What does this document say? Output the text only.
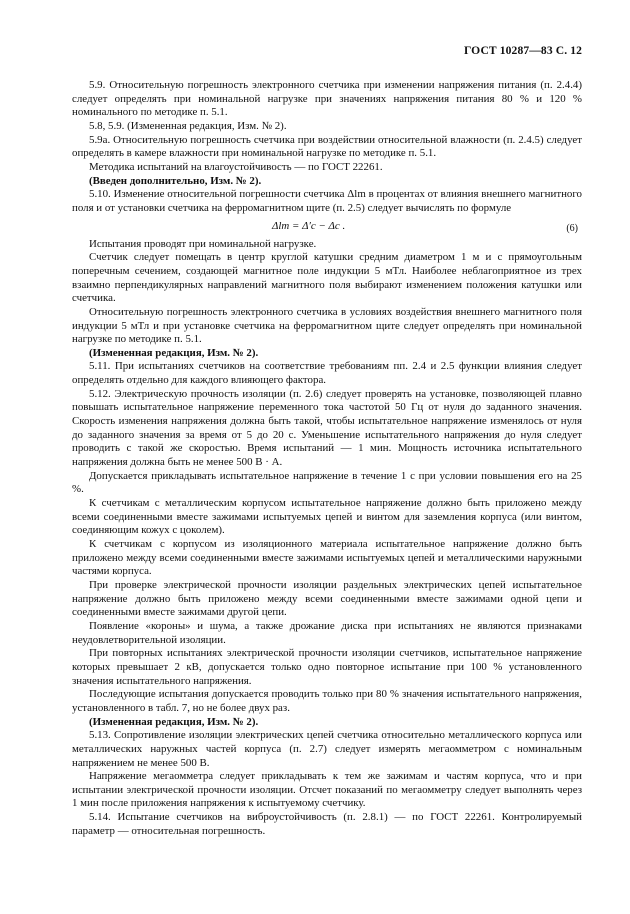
ГОСТ 10287—83 С. 12

5.9. Относительную погрешность электронного счетчика при изменении напряжения питания (п. 2.4.4) следует определять при номинальной нагрузке при значениях напряжения питания 80 % и 120 % номинального по методике п. 5.1.

5.8, 5.9. (Измененная редакция, Изм. № 2).

5.9а. Относительную погрешность счетчика при воздействии относительной влажности (п. 2.4.5) следует определять в камере влажности при номинальной нагрузке по методике п. 5.1.

Методика испытаний на влагоустойчивость — по ГОСТ 22261.

(Введен дополнительно, Изм. № 2).

5.10. Изменение относительной погрешности счетчика Δlm в процентах от влияния внешнего магнитного поля и от установки счетчика на ферромагнитном щите (п. 2.5) следует вычислять по формуле

Δlm = Δ′c − Δc .	(6)

Испытания проводят при номинальной нагрузке.

Счетчик следует помещать в центр круглой катушки средним диаметром 1 м и с прямоугольным поперечным сечением, создающей магнитное поле индукции 5 мТл. Наиболее неблагоприятное из трех взаимно перпендикулярных направлений магнитного поля выбирают изменением положения катушки или счетчика.

Относительную погрешность электронного счетчика в условиях воздействия внешнего магнитного поля индукции 5 мТл и при установке счетчика на ферромагнитном щите следует определять при номинальной нагрузке по методике п. 5.1.

(Измененная редакция, Изм. № 2).

5.11. При испытаниях счетчиков на соответствие требованиям пп. 2.4 и 2.5 функции влияния следует определять отдельно для каждого влияющего фактора.

5.12. Электрическую прочность изоляции (п. 2.6) следует проверять на установке, позволяющей плавно повышать испытательное напряжение переменного тока частотой 50 Гц от нуля до заданного значения. Скорость изменения напряжения должна быть такой, чтобы испытательное напряжение изменялось от нуля до заданного значения за время от 5 до 20 с. Уменьшение испытательного напряжения до нуля следует проводить с такой же скоростью. Время испытаний — 1 мин. Мощность источника испытательного напряжения должна быть не менее 500 В · А.

Допускается прикладывать испытательное напряжение в течение 1 с при условии повышения его на 25 %.

К счетчикам с металлическим корпусом испытательное напряжение должно быть приложено между всеми соединенными вместе зажимами испытуемых цепей и винтом для заземления корпуса (или винтом, соединяющим кожух с цоколем).

К счетчикам с корпусом из изоляционного материала испытательное напряжение должно быть приложено между всеми соединенными вместе зажимами испытуемых цепей и металлическими наружными частями корпуса.

При проверке электрической прочности изоляции раздельных электрических цепей испытательное напряжение должно быть приложено между всеми соединенными вместе зажимами одной цепи и соединенными вместе зажимами другой цепи.

Появление «короны» и шума, а также дрожание диска при испытаниях не являются признаками неудовлетворительной изоляции.

При повторных испытаниях электрической прочности изоляции счетчиков, испытательное напряжение которых превышает 2 кВ, допускается только одно повторное испытание при 100 % установленного значения испытательного напряжения.

Последующие испытания допускается проводить только при 80 % значения испытательного напряжения, установленного в табл. 7, но не более двух раз.

(Измененная редакция, Изм. № 2).

5.13. Сопротивление изоляции электрических цепей счетчика относительно металлического корпуса или металлических наружных частей корпуса (п. 2.7) следует измерять мегаомметром с номинальным напряжением не менее 500 В.

Напряжение мегаомметра следует прикладывать к тем же зажимам и частям корпуса, что и при испытании электрической прочности изоляции. Отсчет показаний по мегаомметру следует выполнять через 1 мин после приложения напряжения к испытуемому счетчику.

5.14. Испытание счетчиков на виброустойчивость (п. 2.8.1) — по ГОСТ 22261. Контролируемый параметр — относительная погрешность.
